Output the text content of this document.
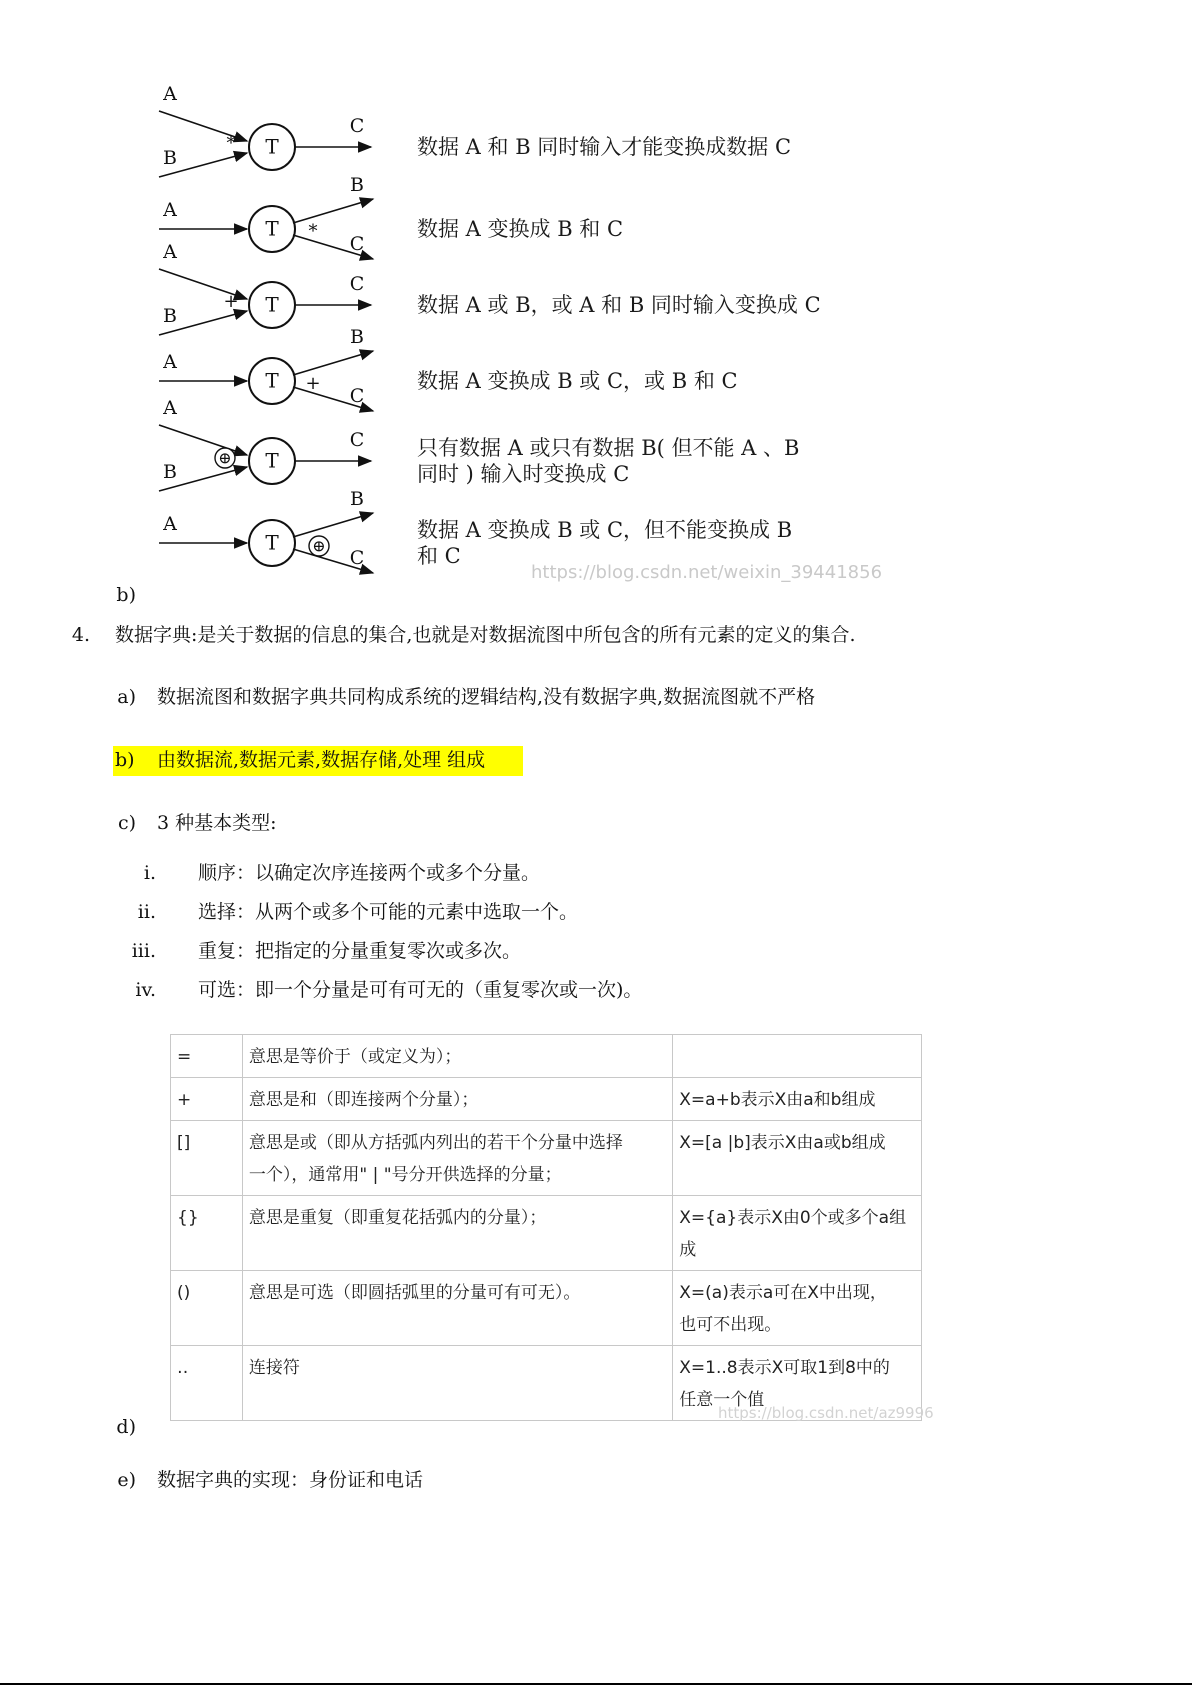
T
A
B
C
*
T
A
B
C
*
T
A
B
C
+
T
A
B
C
+
T
A
B
C
⊕
T
A
B
C
⊕
https://blog.csdn.net/weixin_39441856
数据 A 和 B 同时输入才能变换成数据 C
数据 A 变换成 B 和 C
数据 A 或 B，或 A 和 B 同时输入变换成 C
数据 A 变换成 B 或 C，或 B 和 C
只有数据 A 或只有数据 B( 但不能 A 、B
同时 ) 输入时变换成 C
数据 A 变换成 B 或 C，但不能变换成 B
和 C
b)
4. 数据字典:是关于数据的信息的集合,也就是对数据流图中所包含的所有元素的定义的集合.
a) 数据流图和数据字典共同构成系统的逻辑结构,没有数据字典,数据流图就不严格
b) 由数据流,数据元素,数据存储,处理 组成
c) 3 种基本类型:
i. 顺序：以确定次序连接两个或多个分量。
ii. 选择：从两个或多个可能的元素中选取一个。
iii. 重复：把指定的分量重复零次或多次。
iv. 可选：即一个分量是可有可无的（重复零次或一次)。
=	意思是等价于（或定义为）；	

+	意思是和（即连接两个分量）；	X=a+b表示X由a和b组成

[]	意思是或（即从方括弧内列出的若干个分量中选择
一个），通常用" | "号分开供选择的分量；	X=[a |b]表示X由a或b组成

{}	意思是重复（即重复花括弧内的分量）；	X={a}表示X由0个或多个a组
成

()	意思是可选（即圆括弧里的分量可有可无）。	X=(a)表示a可在X中出现，
也可不出现。

‥	连接符	X=1..8表示X可取1到8中的
任意一个值
https://blog.csdn.net/az9996
d)
e) 数据字典的实现：身份证和电话
